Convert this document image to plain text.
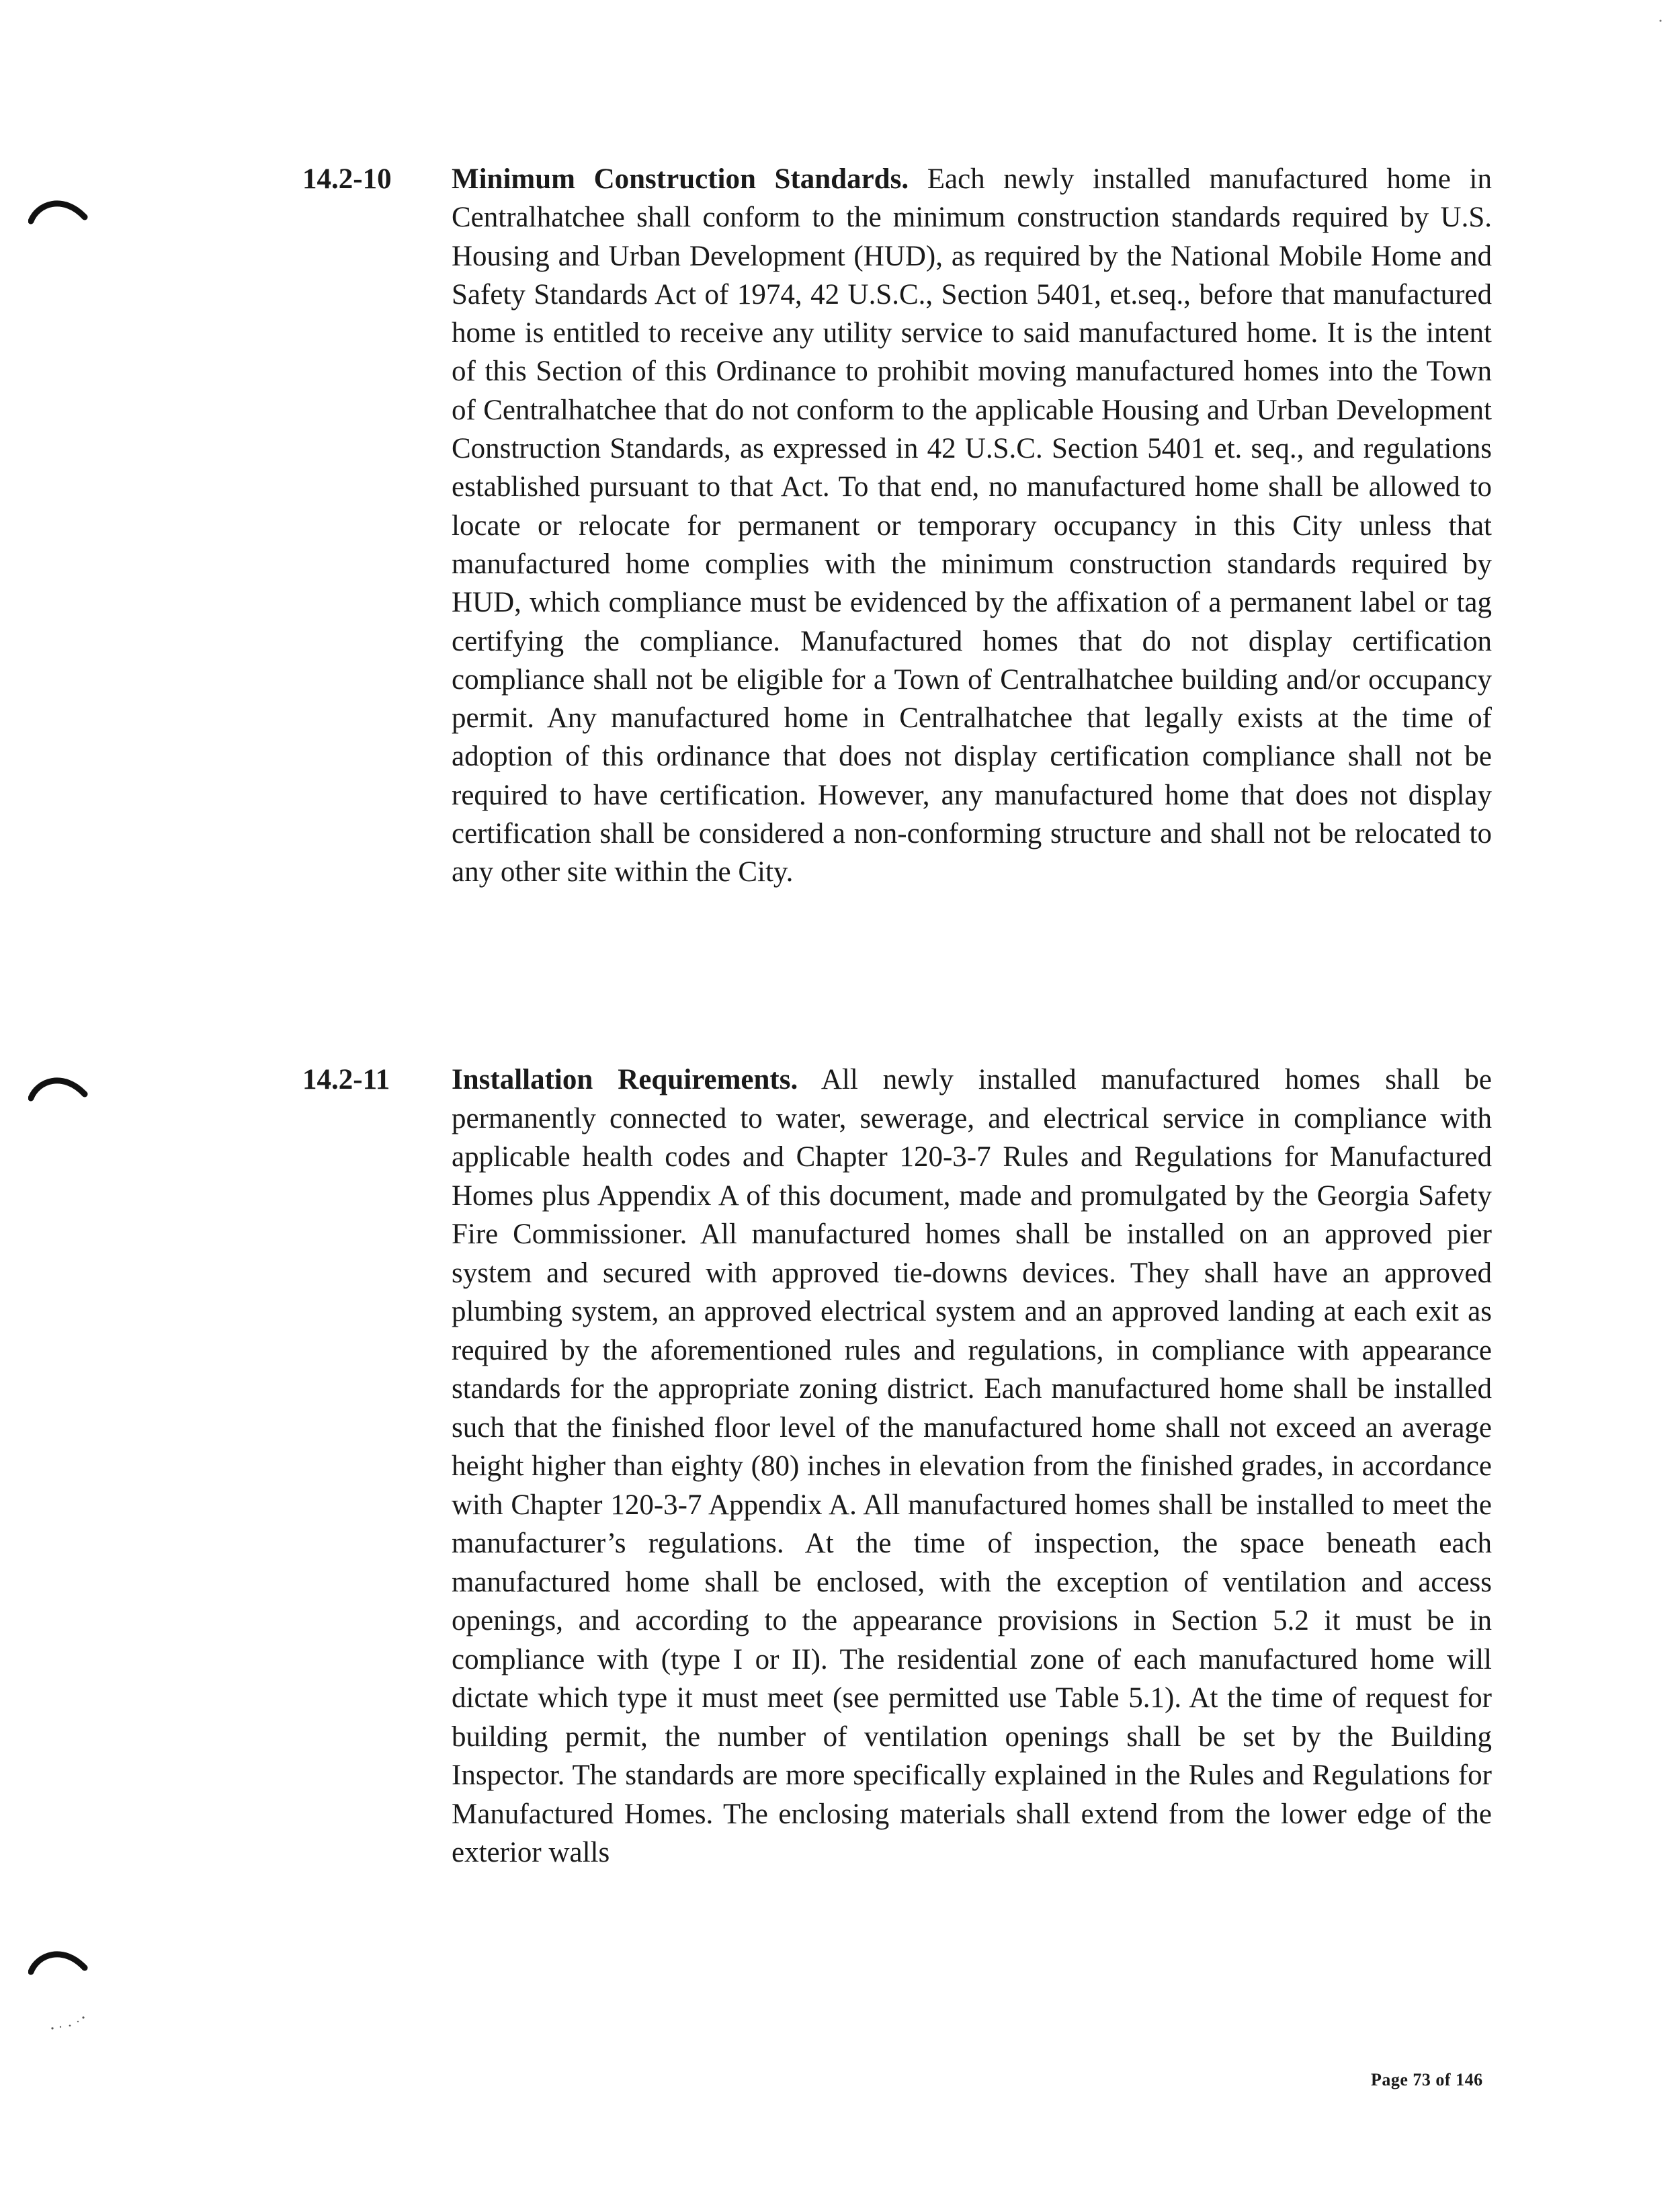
14.2-10 Minimum Construction Standards. Each newly installed manufactured home in Centralhatchee shall conform to the minimum construction standards required by U.S. Housing and Urban Development (HUD), as required by the National Mobile Home and Safety Standards Act of 1974, 42 U.S.C., Section 5401, et.seq., before that manufactured home is entitled to receive any utility service to said manufactured home. It is the intent of this Section of this Ordinance to prohibit moving manufactured homes into the Town of Centralhatchee that do not conform to the applicable Housing and Urban Development Construction Standards, as expressed in 42 U.S.C. Section 5401 et. seq., and regulations established pursuant to that Act. To that end, no manufactured home shall be allowed to locate or relocate for permanent or temporary occupancy in this City unless that manufactured home complies with the minimum construction standards required by HUD, which compliance must be evidenced by the affixation of a permanent label or tag certifying the compliance. Manufactured homes that do not display certification compliance shall not be eligible for a Town of Centralhatchee building and/or occupancy permit. Any manufactured home in Centralhatchee that legally exists at the time of adoption of this ordinance that does not display certification compliance shall not be required to have certification. However, any manufactured home that does not display certification shall be considered a non-conforming structure and shall not be relocated to any other site within the City.
14.2-11 Installation Requirements. All newly installed manufactured homes shall be permanently connected to water, sewerage, and electrical service in compliance with applicable health codes and Chapter 120-3-7 Rules and Regulations for Manufactured Homes plus Appendix A of this document, made and promulgated by the Georgia Safety Fire Commissioner. All manufactured homes shall be installed on an approved pier system and secured with approved tie-downs devices. They shall have an approved plumbing system, an approved electrical system and an approved landing at each exit as required by the aforementioned rules and regulations, in compliance with appearance standards for the appropriate zoning district. Each manufactured home shall be installed such that the finished floor level of the manufactured home shall not exceed an average height higher than eighty (80) inches in elevation from the finished grades, in accordance with Chapter 120-3-7 Appendix A. All manufactured homes shall be installed to meet the manufacturer’s regulations. At the time of inspection, the space beneath each manufactured home shall be enclosed, with the exception of ventilation and access openings, and according to the appearance provisions in Section 5.2 it must be in compliance with (type I or II). The residential zone of each manufactured home will dictate which type it must meet (see permitted use Table 5.1). At the time of request for building permit, the number of ventilation openings shall be set by the Building Inspector. The standards are more specifically explained in the Rules and Regulations for Manufactured Homes. The enclosing materials shall extend from the lower edge of the exterior walls
Page 73 of 146
